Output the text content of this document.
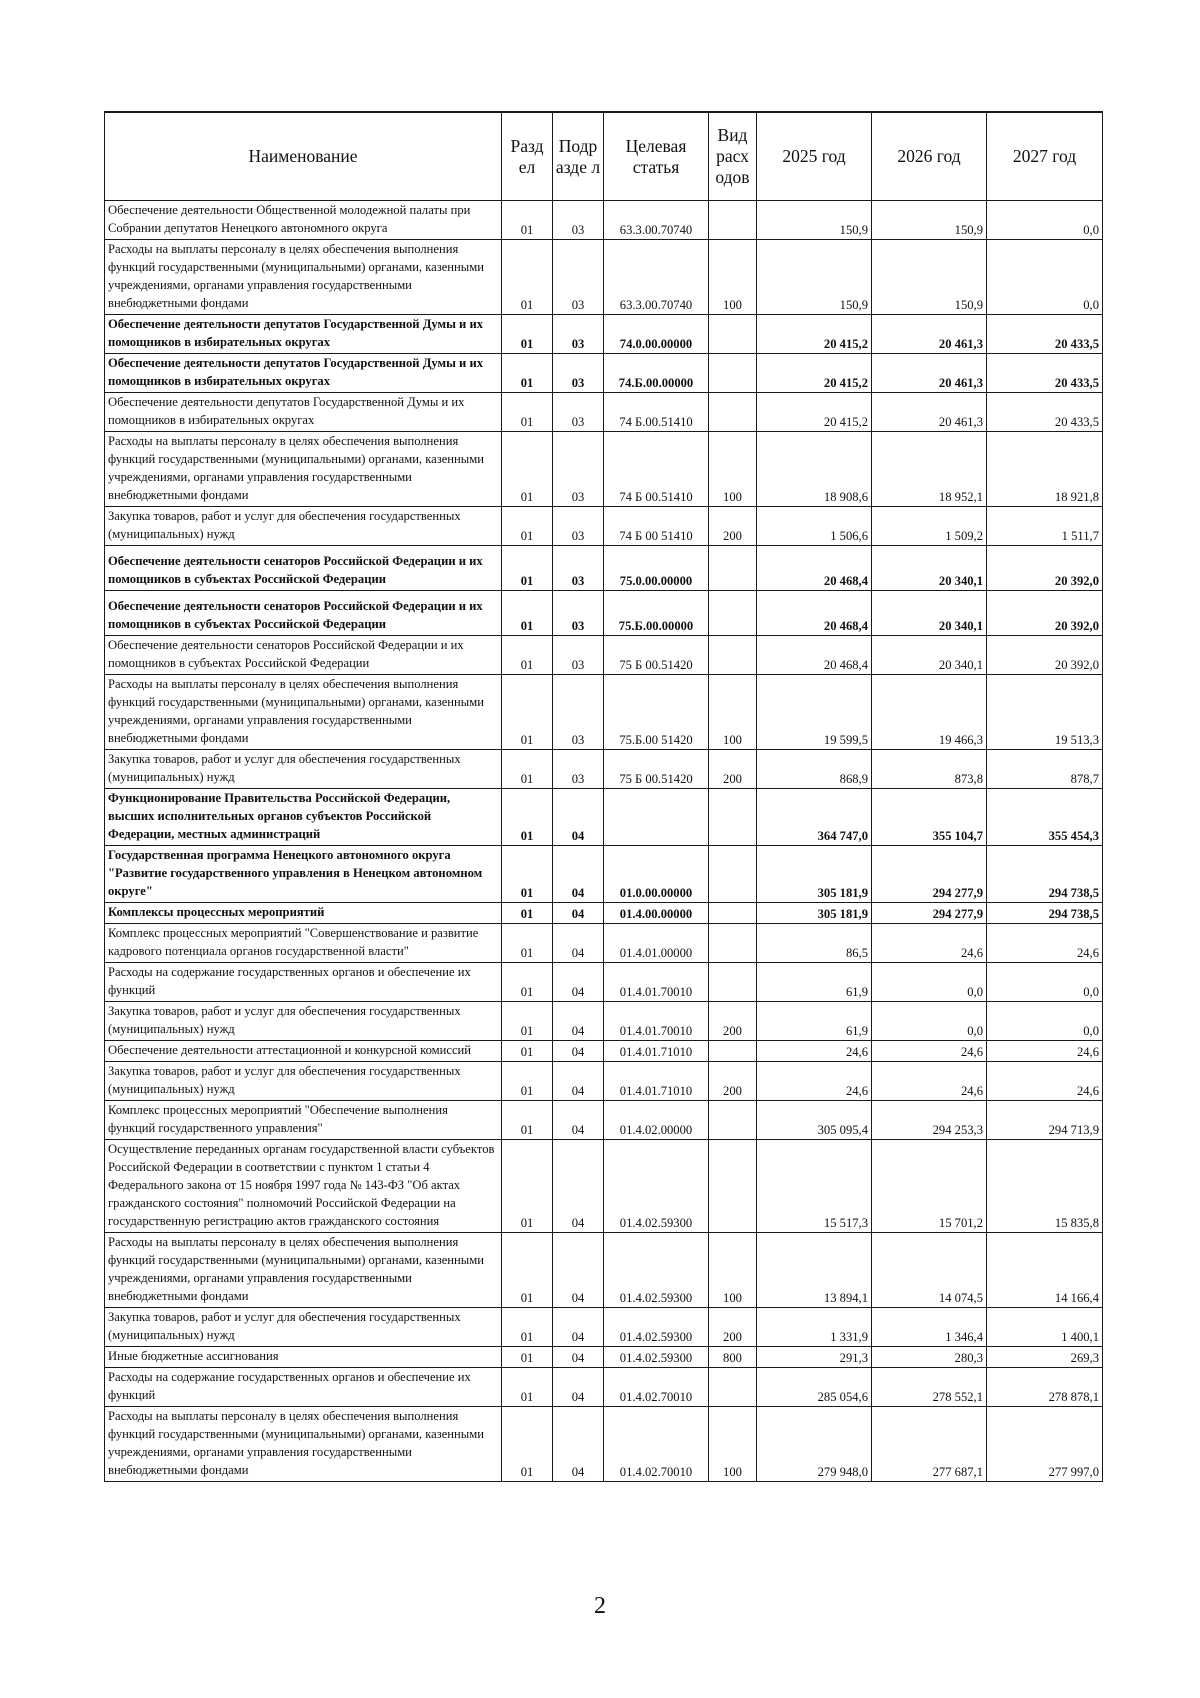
Наименование	Разд ел	Подр азде л	Целевая статья	Вид расх одов	2025 год	2026 год	2027 год
Обеспечение деятельности Общественной молодежной палаты при Собрании депутатов Ненецкого автономного округа	01	03	63.3.00.70740		150,9	150,9	0,0
Расходы на выплаты персоналу в целях обеспечения выполнения функций государственными (муниципальными) органами, казенными учреждениями, органами управления государственными внебюджетными фондами	01	03	63.3.00.70740	100	150,9	150,9	0,0
Обеспечение деятельности депутатов Государственной Думы и их помощников в избирательных округах	01	03	74.0.00.00000		20 415,2	20 461,3	20 433,5
Обеспечение деятельности депутатов Государственной Думы и их помощников в избирательных округах	01	03	74.Б.00.00000		20 415,2	20 461,3	20 433,5
Обеспечение деятельности депутатов Государственной Думы и их помощников в избирательных округах	01	03	74 Б.00.51410		20 415,2	20 461,3	20 433,5
Расходы на выплаты персоналу в целях обеспечения выполнения функций государственными (муниципальными) органами, казенными учреждениями, органами управления государственными внебюджетными фондами	01	03	74 Б 00.51410	100	18 908,6	18 952,1	18 921,8
Закупка товаров, работ и услуг для обеспечения государственных (муниципальных) нужд	01	03	74 Б 00 51410	200	1 506,6	1 509,2	1 511,7
Обеспечение деятельности сенаторов Российской Федерации и их помощников в субъектах Российской Федерации	01	03	75.0.00.00000		20 468,4	20 340,1	20 392,0
Обеспечение деятельности сенаторов Российской Федерации и их помощников в субъектах Российской Федерации	01	03	75.Б.00.00000		20 468,4	20 340,1	20 392,0
Обеспечение деятельности сенаторов Российской Федерации и их помощников в субъектах Российской Федерации	01	03	75 Б 00.51420		20 468,4	20 340,1	20 392,0
Расходы на выплаты персоналу в целях обеспечения выполнения функций государственными (муниципальными) органами, казенными учреждениями, органами управления государственными внебюджетными фондами	01	03	75.Б.00 51420	100	19 599,5	19 466,3	19 513,3
Закупка товаров, работ и услуг для обеспечения государственных (муниципальных) нужд	01	03	75 Б 00.51420	200	868,9	873,8	878,7
Функционирование Правительства Российской Федерации, высших исполнительных органов субъектов Российской Федерации, местных администраций	01	04			364 747,0	355 104,7	355 454,3
Государственная программа Ненецкого автономного округа "Развитие государственного управления в Ненецком автономном округе"	01	04	01.0.00.00000		305 181,9	294 277,9	294 738,5
Комплексы процессных мероприятий	01	04	01.4.00.00000		305 181,9	294 277,9	294 738,5
Комплекс процессных мероприятий "Совершенствование и развитие кадрового потенциала органов государственной власти"	01	04	01.4.01.00000		86,5	24,6	24,6
Расходы на содержание государственных органов и обеспечение их функций	01	04	01.4.01.70010		61,9	0,0	0,0
Закупка товаров, работ и услуг для обеспечения государственных (муниципальных) нужд	01	04	01.4.01.70010	200	61,9	0,0	0,0
Обеспечение деятельности аттестационной и конкурсной комиссий	01	04	01.4.01.71010		24,6	24,6	24,6
Закупка товаров, работ и услуг для обеспечения государственных (муниципальных) нужд	01	04	01.4.01.71010	200	24,6	24,6	24,6
Комплекс процессных мероприятий "Обеспечение выполнения функций государственного управления"	01	04	01.4.02.00000		305 095,4	294 253,3	294 713,9
Осуществление переданных органам государственной власти субъектов Российской Федерации в соответствии с пунктом 1 статьи 4 Федерального закона от 15 ноября 1997 года № 143-ФЗ "Об актах гражданского состояния" полномочий Российской Федерации на государственную регистрацию актов гражданского состояния	01	04	01.4.02.59300		15 517,3	15 701,2	15 835,8
Расходы на выплаты персоналу в целях обеспечения выполнения функций государственными (муниципальными) органами, казенными учреждениями, органами управления государственными внебюджетными фондами	01	04	01.4.02.59300	100	13 894,1	14 074,5	14 166,4
Закупка товаров, работ и услуг для обеспечения государственных (муниципальных) нужд	01	04	01.4.02.59300	200	1 331,9	1 346,4	1 400,1
Иные бюджетные ассигнования	01	04	01.4.02.59300	800	291,3	280,3	269,3
Расходы на содержание государственных органов и обеспечение их функций	01	04	01.4.02.70010		285 054,6	278 552,1	278 878,1
Расходы на выплаты персоналу в целях обеспечения выполнения функций государственными (муниципальными) органами, казенными учреждениями, органами управления государственными внебюджетными фондами	01	04	01.4.02.70010	100	279 948,0	277 687,1	277 997,0
2
